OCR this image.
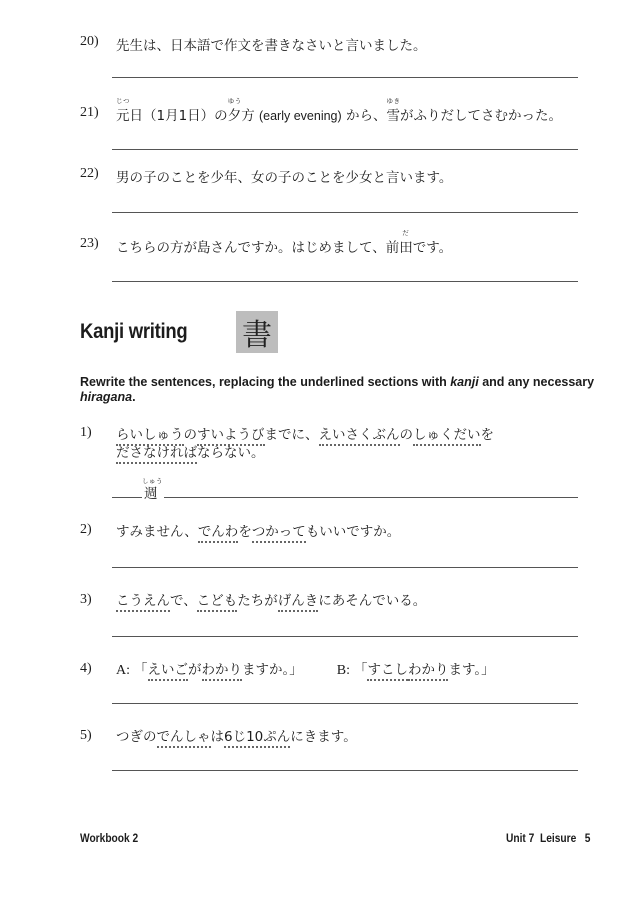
20) 先生は、日本語で作文を書きなさいと言いました。
21)
じつ
元日（1月1日）の
ゆう
夕方 (early evening) から、
ゆき
雪がふりだしてさむかった。
22) 男の子のことを少年、女の子のことを少女と言います。
23) こちらの方が島さんですか。はじめまして、前
だ
田です。
Kanji writing 書
Rewrite the sentences, replacing the underlined sections with kanji and any necessary hiragana.
1) らいしゅうのすいようびまでに、えいさくぶんのしゅくだいを
ださなければならない。
しゅう
週
2) すみません、でんわをつかってもいいですか。
3) こうえんで、こどもたちがげんきにあそんでいる。
4) A: 「えいごがわかりますか。」 B: 「すこしわかります。」
5) つぎのでんしゃは6じ10ぷんにきます。
Workbook 2	Unit 7  Leisure   5
